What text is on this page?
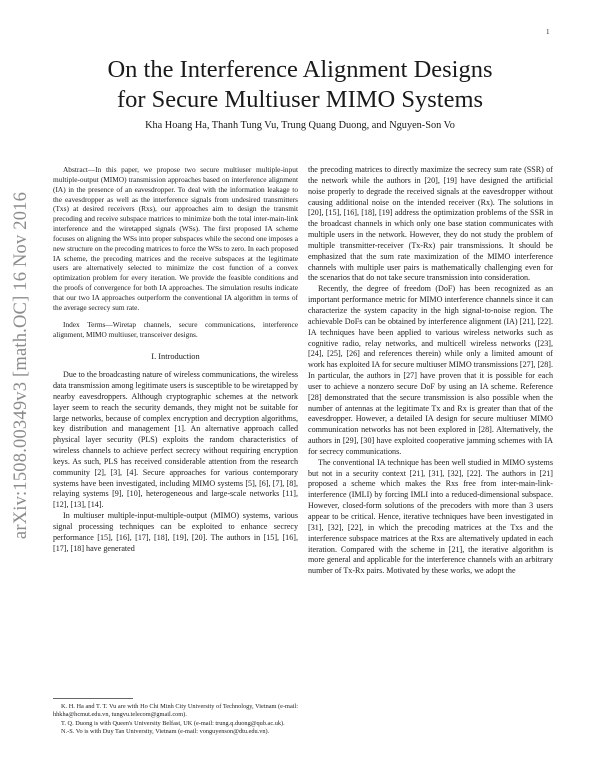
1
arXiv:1508.00349v3 [math.OC] 16 Nov 2016
On the Interference Alignment Designs
for Secure Multiuser MIMO Systems
Kha Hoang Ha, Thanh Tung Vu, Trung Quang Duong, and Nguyen-Son Vo

Abstract—In this paper, we propose two secure multiuser multiple-input multiple-output (MIMO) transmission approaches based on interference alignment (IA) in the presence of an eavesdropper. To deal with the information leakage to the eavesdropper as well as the interference signals from undesired transmitters (Txs) at desired receivers (Rxs), our approaches aim to design the transmit precoding and receive subspace matrices to minimize both the total inter-main-link interference and the wiretapped signals (WSs). The first proposed IA scheme focuses on aligning the WSs into proper subspaces while the second one imposes a new structure on the precoding matrices to force the WSs to zero. In each proposed IA scheme, the precoding matrices and the receive subspaces at the legitimate users are alternatively selected to minimize the cost function of a convex optimization problem for every iteration. We provide the feasible conditions and the proofs of convergence for both IA approaches. The simulation results indicate that our two IA approaches outperform the conventional IA algorithm in terms of the average secrecy sum rate.

Index Terms—Wiretap channels, secure communications, interference alignment, MIMO multiuser, transceiver designs.

I. Introduction

Due to the broadcasting nature of wireless communications, the wireless data transmission among legitimate users is susceptible to be wiretapped by nearby eavesdroppers. Although cryptographic schemes at the network layer seem to reach the security demands, they might not be suitable for large networks, because of complex encryption and decryption algorithms, key distribution and management [1]. An alternative approach called physical layer security (PLS) exploits the random characteristics of wireless channels to achieve perfect secrecy without requiring encryption keys. As such, PLS has received considerable attention from the research community [2], [3], [4]. Secure approaches for various contemporary systems have been investigated, including MIMO systems [5], [6], [7], [8], relaying systems [9], [10], heterogeneous and large-scale networks [11], [12], [13], [14].

In multiuser multiple-input-multiple-output (MIMO) systems, various signal processing techniques can be exploited to enhance secrecy performance [15], [16], [17], [18], [19], [20]. The authors in [15], [16], [17], [18] have generated

K. H. Ha and T. T. Vu are with Ho Chi Minh City University of Technology, Vietnam (e-mail: hhkha@hcmut.edu.vn, tungvu.telecom@gmail.com).

T. Q. Duong is with Queen's University Belfast, UK (e-mail: trung.q.duong@qub.ac.uk).

N.-S. Vo is with Duy Tan University, Vietnam (e-mail: vonguyenson@dtu.edu.vn).

the precoding matrices to directly maximize the secrecy sum rate (SSR) of the network while the authors in [20], [19] have designed the artificial noise properly to degrade the received signals at the eavesdropper without causing additional noise on the intended receiver (Rx). The solutions in [20], [15], [16], [18], [19] address the optimization problems of the SSR in the broadcast channels in which only one base station communicates with multiple users in the network. However, they do not study the problem of multiple transmitter-receiver (Tx-Rx) pair transmissions. It should be emphasized that the sum rate maximization of the MIMO interference channels with multiple user pairs is mathematically challenging even for the scenarios that do not take secure transmission into consideration.

Recently, the degree of freedom (DoF) has been recognized as an important performance metric for MIMO interference channels since it can characterize the system capacity in the high signal-to-noise region. The achievable DoFs can be obtained by interference alignment (IA) [21], [22]. IA techniques have been applied to various wireless networks such as cognitive radio, relay networks, and multicell wireless networks ([23], [24], [25], [26] and references therein) while only a limited amount of work has exploited IA for secure multiuser MIMO transmissions [27], [28]. In particular, the authors in [27] have proven that it is possible for each user to achieve a nonzero secure DoF by using an IA scheme. Reference [28] demonstrated that the secure transmission is also possible when the number of antennas at the legitimate Tx and Rx is greater than that of the eavesdropper. However, a detailed IA design for secure multiuser MIMO communication networks has not been explored in [28]. Alternatively, the authors in [29], [30] have exploited cooperative jamming schemes with IA for secrecy communications.

The conventional IA technique has been well studied in MIMO systems but not in a security context [21], [31], [32], [22]. The authors in [21] proposed a scheme which makes the Rxs free from inter-main-link-interference (IMLI) by forcing IMLI into a reduced-dimensional subspace. However, closed-form solutions of the precoders with more than 3 users appear to be critical. Hence, iterative techniques have been investigated in [31], [32], [22], in which the precoding matrices at the Txs and the interference subspace matrices at the Rxs are alternatively updated in each iteration. Compared with the scheme in [21], the iterative algorithm is more general and applicable for the interference channels with an arbitrary number of Tx-Rx pairs. Motivated by these works, we adopt the
